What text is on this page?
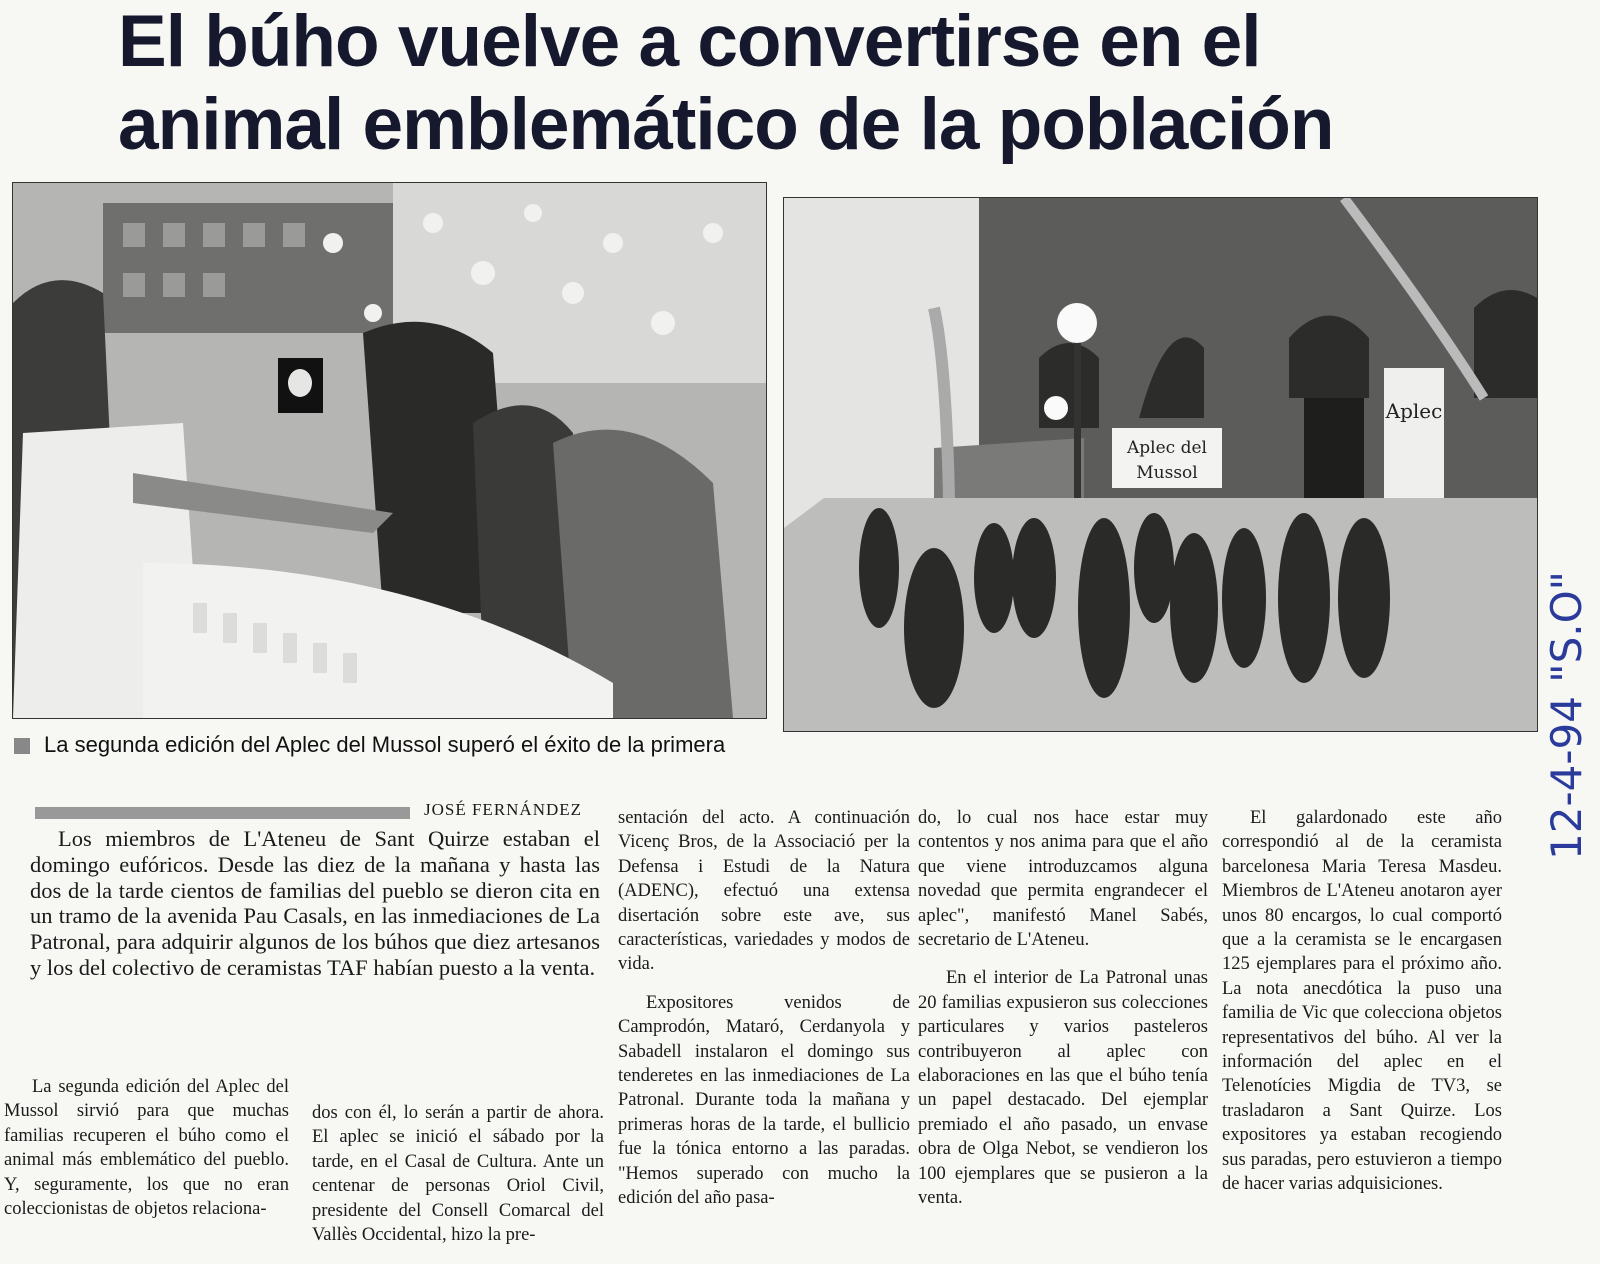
El búho vuelve a convertirse en el animal emblemático de la población
Aplec
Aplec del
Mussol
La segunda edición del Aplec del Mussol superó el éxito de la primera
JOSÉ FERNÁNDEZ	12-4-94 "S.O"

Los miembros de L'Ateneu de Sant Quirze estaban el domingo eufóricos. Desde las diez de la mañana y hasta las dos de la tarde cientos de familias del pueblo se dieron cita en un tramo de la avenida Pau Casals, en las inmediaciones de La Patronal, para adquirir algunos de los búhos que diez artesanos y los del colectivo de ceramistas TAF habían puesto a la venta.

La segunda edición del Aplec del Mussol sirvió para que muchas familias recuperen el búho como el animal más emblemático del pueblo. Y, seguramente, los que no eran coleccionistas de objetos relaciona-

sentación del acto. A continuación Vicenç Bros, de la Associació per la Defensa i Estudi de la Natura (ADENC), efectuó una extensa disertación sobre este ave, sus características, variedades y modos de vida.

Expositores venidos de Camprodón, Mataró, Cerdanyola y Sabadell instalaron el domingo sus tenderetes en las inmediaciones de La Patronal. Durante toda la mañana y primeras horas de la tarde, el bullicio fue la tónica entorno a las paradas. "Hemos superado con mucho la edición del año pasa-

dos con él, lo serán a partir de ahora. El aplec se inició el sábado por la tarde, en el Casal de Cultura. Ante un centenar de personas Oriol Civil, presidente del Consell Comarcal del Vallès Occidental, hizo la pre-

do, lo cual nos hace estar muy contentos y nos anima para que el año que viene introduzcamos alguna novedad que permita engrandecer el aplec", manifestó Manel Sabés, secretario de L'Ateneu.

En el interior de La Patronal unas 20 familias expusieron sus colecciones particulares y varios pasteleros contribuyeron al aplec con elaboraciones en las que el búho tenía un papel destacado. Del ejemplar premiado el año pasado, un envase obra de Olga Nebot, se vendieron los 100 ejemplares que se pusieron a la venta.

El galardonado este año correspondió al de la ceramista barcelonesa Maria Teresa Masdeu. Miembros de L'Ateneu anotaron ayer unos 80 encargos, lo cual comportó que a la ceramista se le encargasen 125 ejemplares para el próximo año. La nota anecdótica la puso una familia de Vic que colecciona objetos representativos del búho. Al ver la información del aplec en el Telenotícies Migdia de TV3, se trasladaron a Sant Quirze. Los expositores ya estaban recogiendo sus paradas, pero estuvieron a tiempo de hacer varias adquisiciones.
